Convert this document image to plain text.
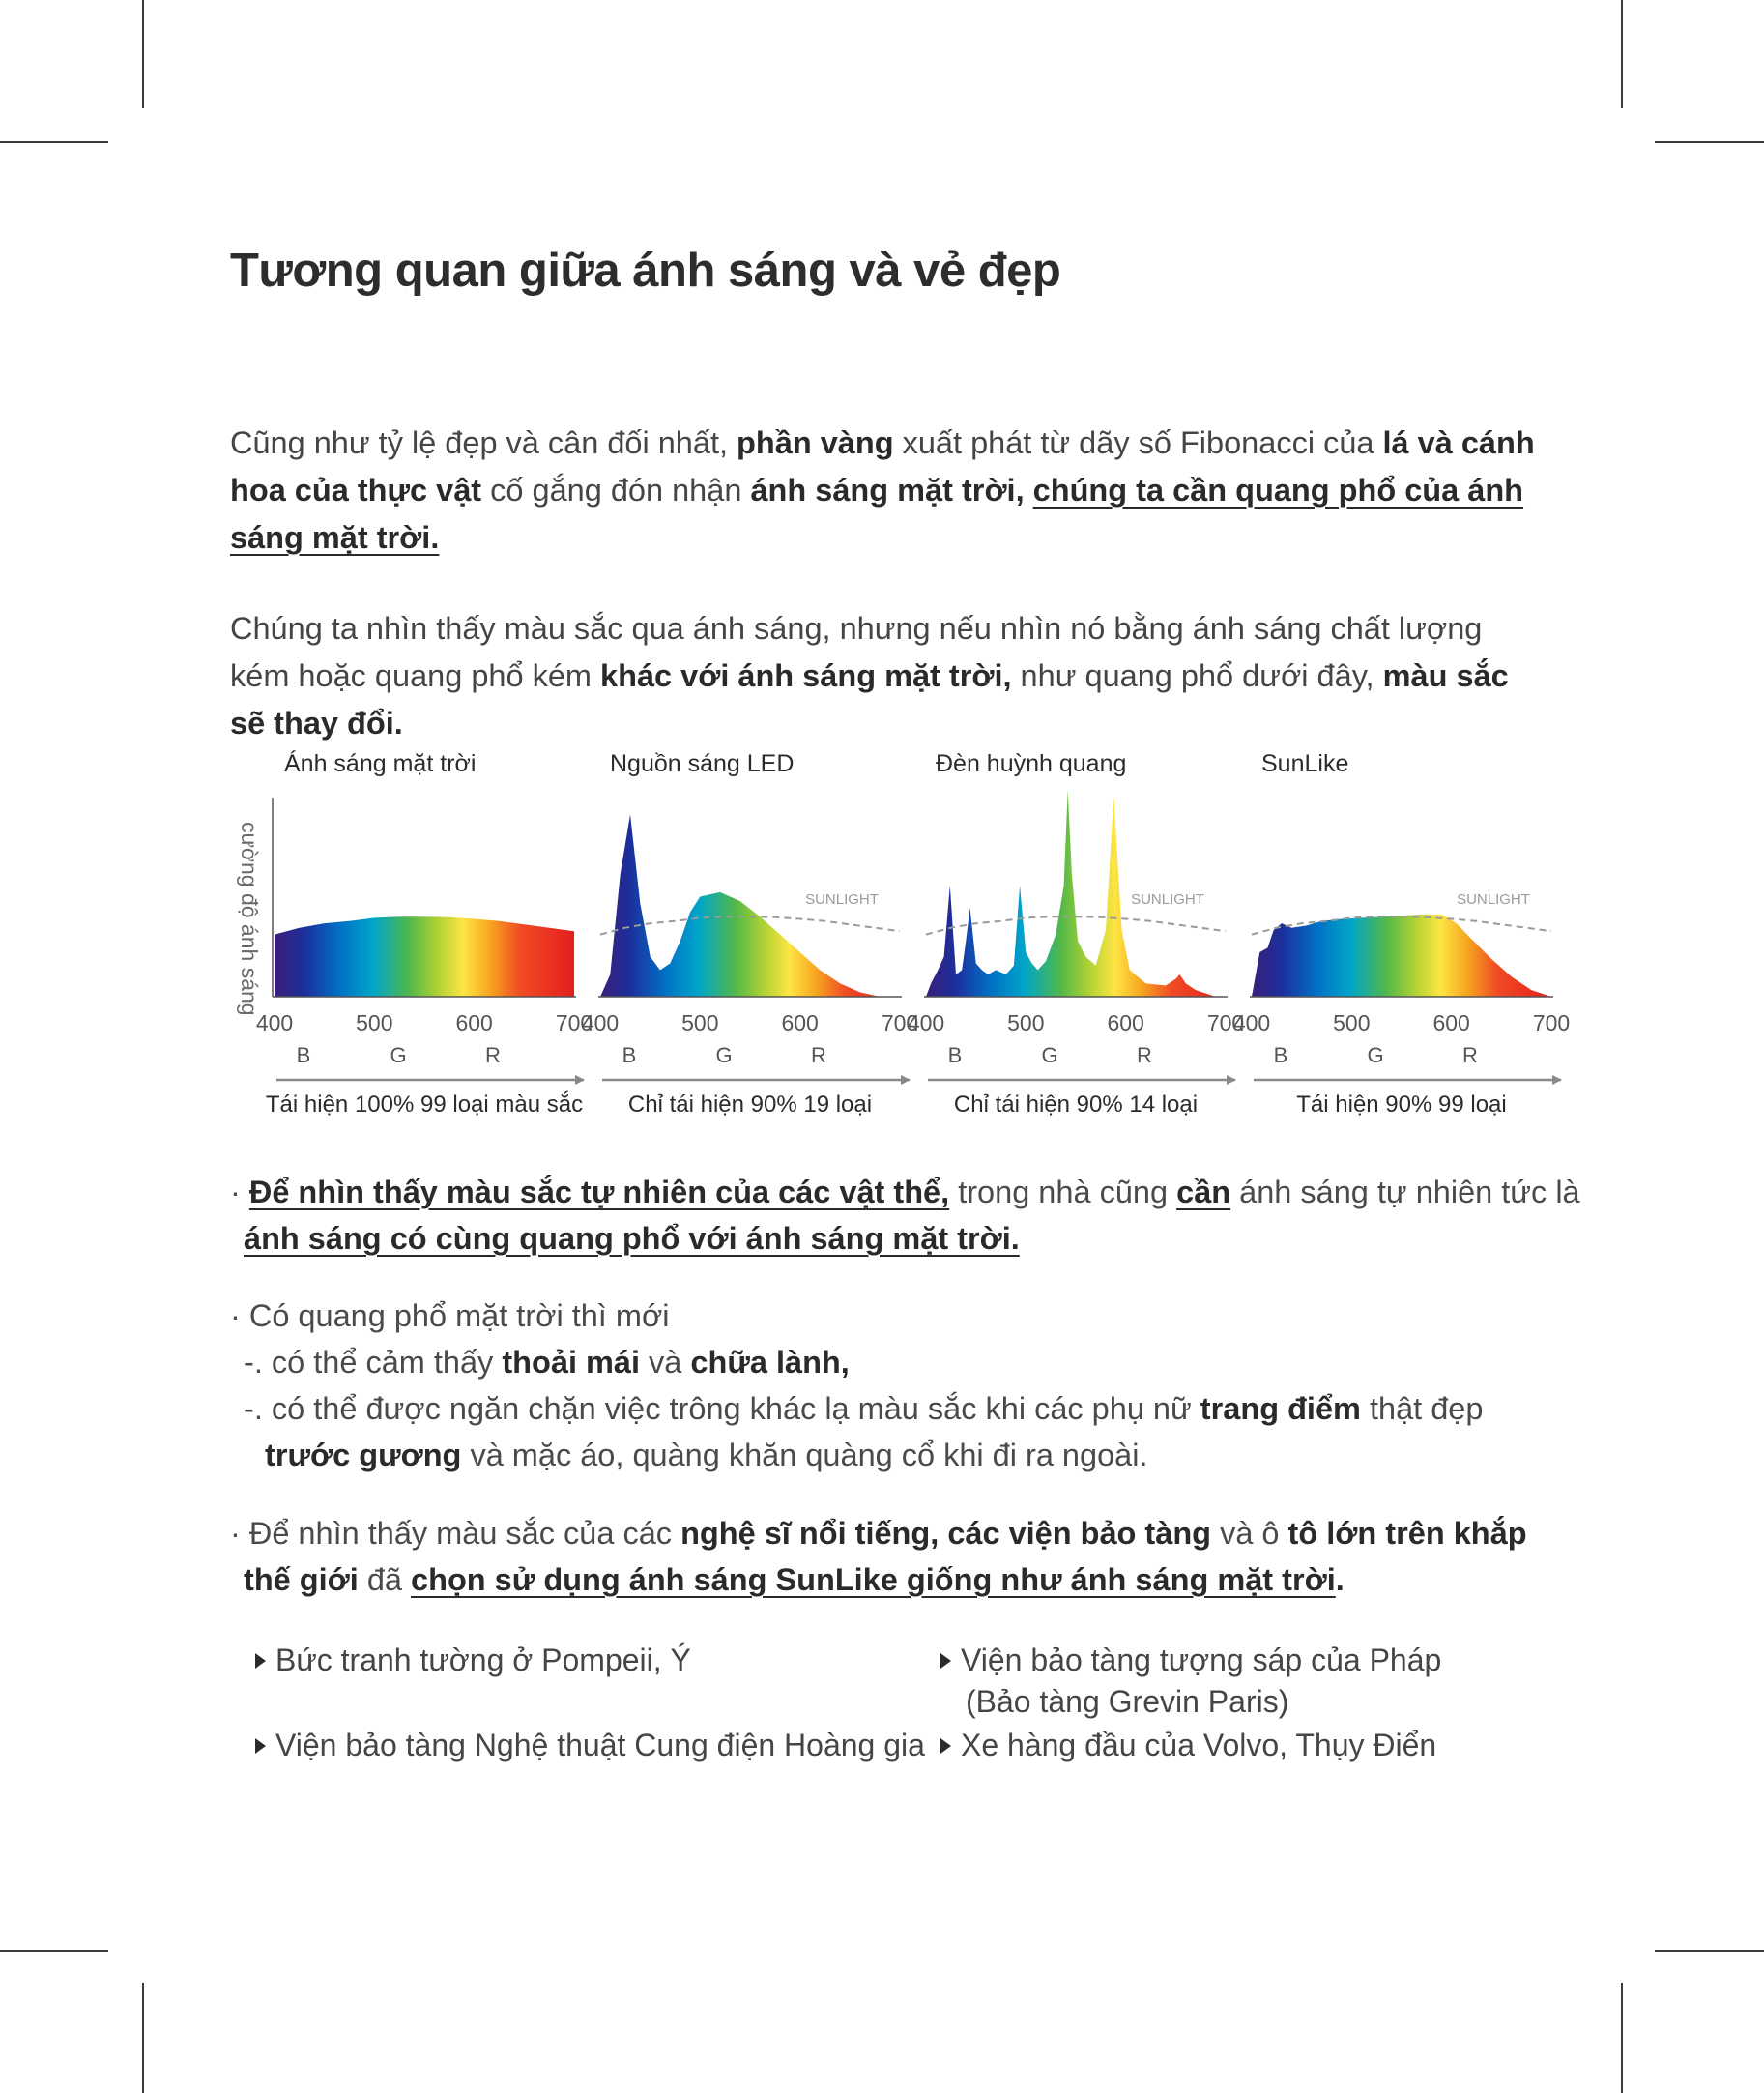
Tương quan giữa ánh sáng và vẻ đẹp

Cũng như tỷ lệ đẹp và cân đối nhất, phần vàng xuất phát từ dãy số Fibonacci của lá và cánh hoa của thực vật cố gắng đón nhận ánh sáng mặt trời, chúng ta cần quang phổ của ánh sáng mặt trời.

Chúng ta nhìn thấy màu sắc qua ánh sáng, nhưng nếu nhìn nó bằng ánh sáng chất lượng kém hoặc quang phổ kém khác với ánh sáng mặt trời, như quang phổ dưới đây, màu sắc sẽ thay đổi.

cường độ ánh sáng
Ánh sáng mặt trời
400	500	600	700
B	G	R
Tái hiện 100% 99 loại màu sắc
Nguồn sáng LED
SUNLIGHT
400	500	600	700
B	G	R
Chỉ tái hiện 90% 19 loại
Đèn huỳnh quang
SUNLIGHT
400	500	600	700
B	G	R
Chỉ tái hiện 90% 14 loại
SunLike
SUNLIGHT
400	500	600	700
B	G	R
Tái hiện 90% 99 loại

· Để nhìn thấy màu sắc tự nhiên của các vật thể, trong nhà cũng cần ánh sáng tự nhiên tức là
ánh sáng có cùng quang phổ với ánh sáng mặt trời.

· Có quang phổ mặt trời thì mới
-. có thể cảm thấy thoải mái và chữa lành,
-. có thể được ngăn chặn việc trông khác lạ màu sắc khi các phụ nữ trang điểm thật đẹp
trước gương và mặc áo, quàng khăn quàng cổ khi đi ra ngoài.

· Để nhìn thấy màu sắc của các nghệ sĩ nổi tiếng, các viện bảo tàng và ô tô lớn trên khắp
thế giới đã chọn sử dụng ánh sáng SunLike giống như ánh sáng mặt trời.

Bức tranh tường ở Pompeii, Ý	Viện bảo tàng tượng sáp của Pháp
(Bảo tàng Grevin Paris)
Viện bảo tàng Nghệ thuật Cung điện Hoàng gia	Xe hàng đầu của Volvo, Thụy Điển
